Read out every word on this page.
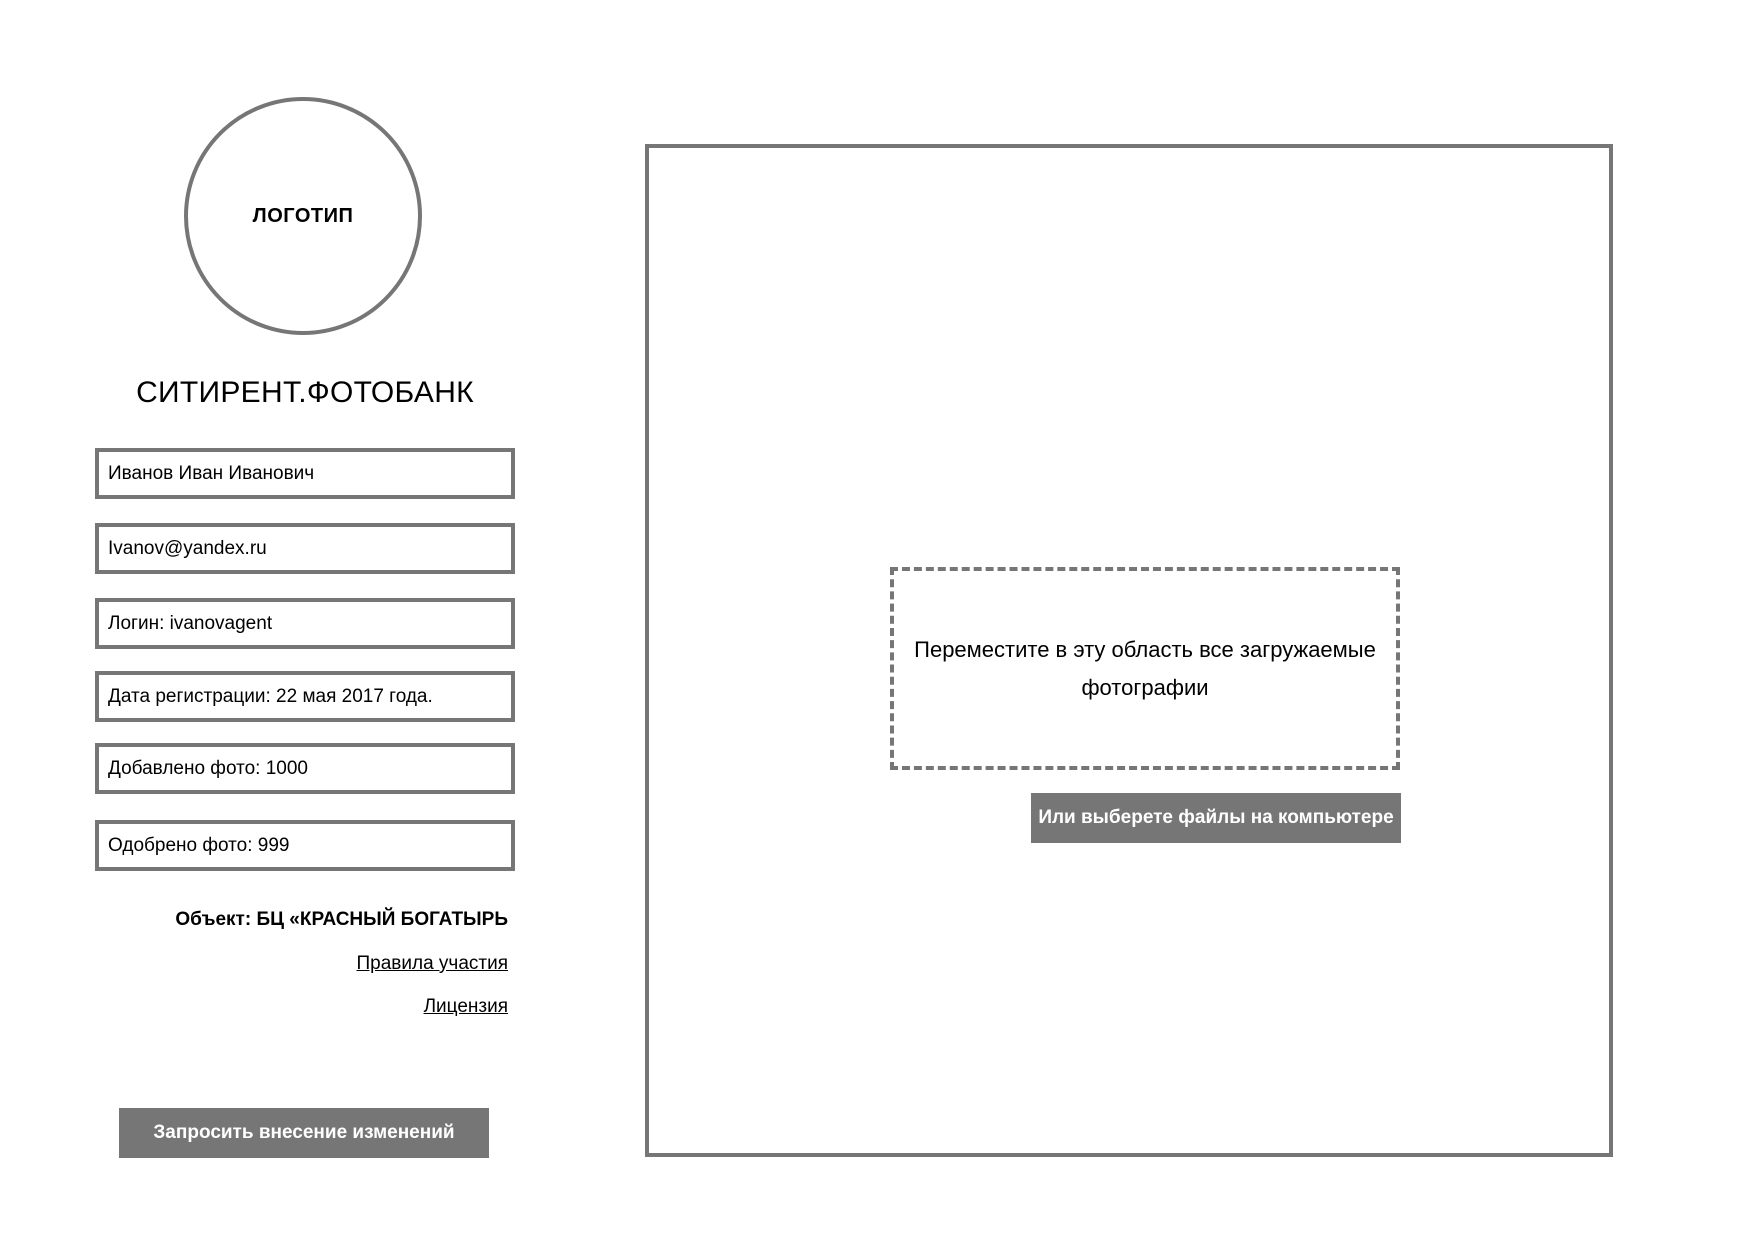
ЛОГОТИП
СИТИРЕНТ.ФОТОБАНК
Иванов Иван Иванович
Ivanov@yandex.ru
Логин: ivanovagent
Дата регистрации: 22 мая 2017 года.
Добавлено фото: 1000
Одобрено фото: 999
Объект: БЦ «КРАСНЫЙ БОГАТЫРЬ
Правила участия
Лицензия
Запросить внесение изменений
Переместите в эту область все загружаемые фотографии
Или выберете файлы на компьютере
